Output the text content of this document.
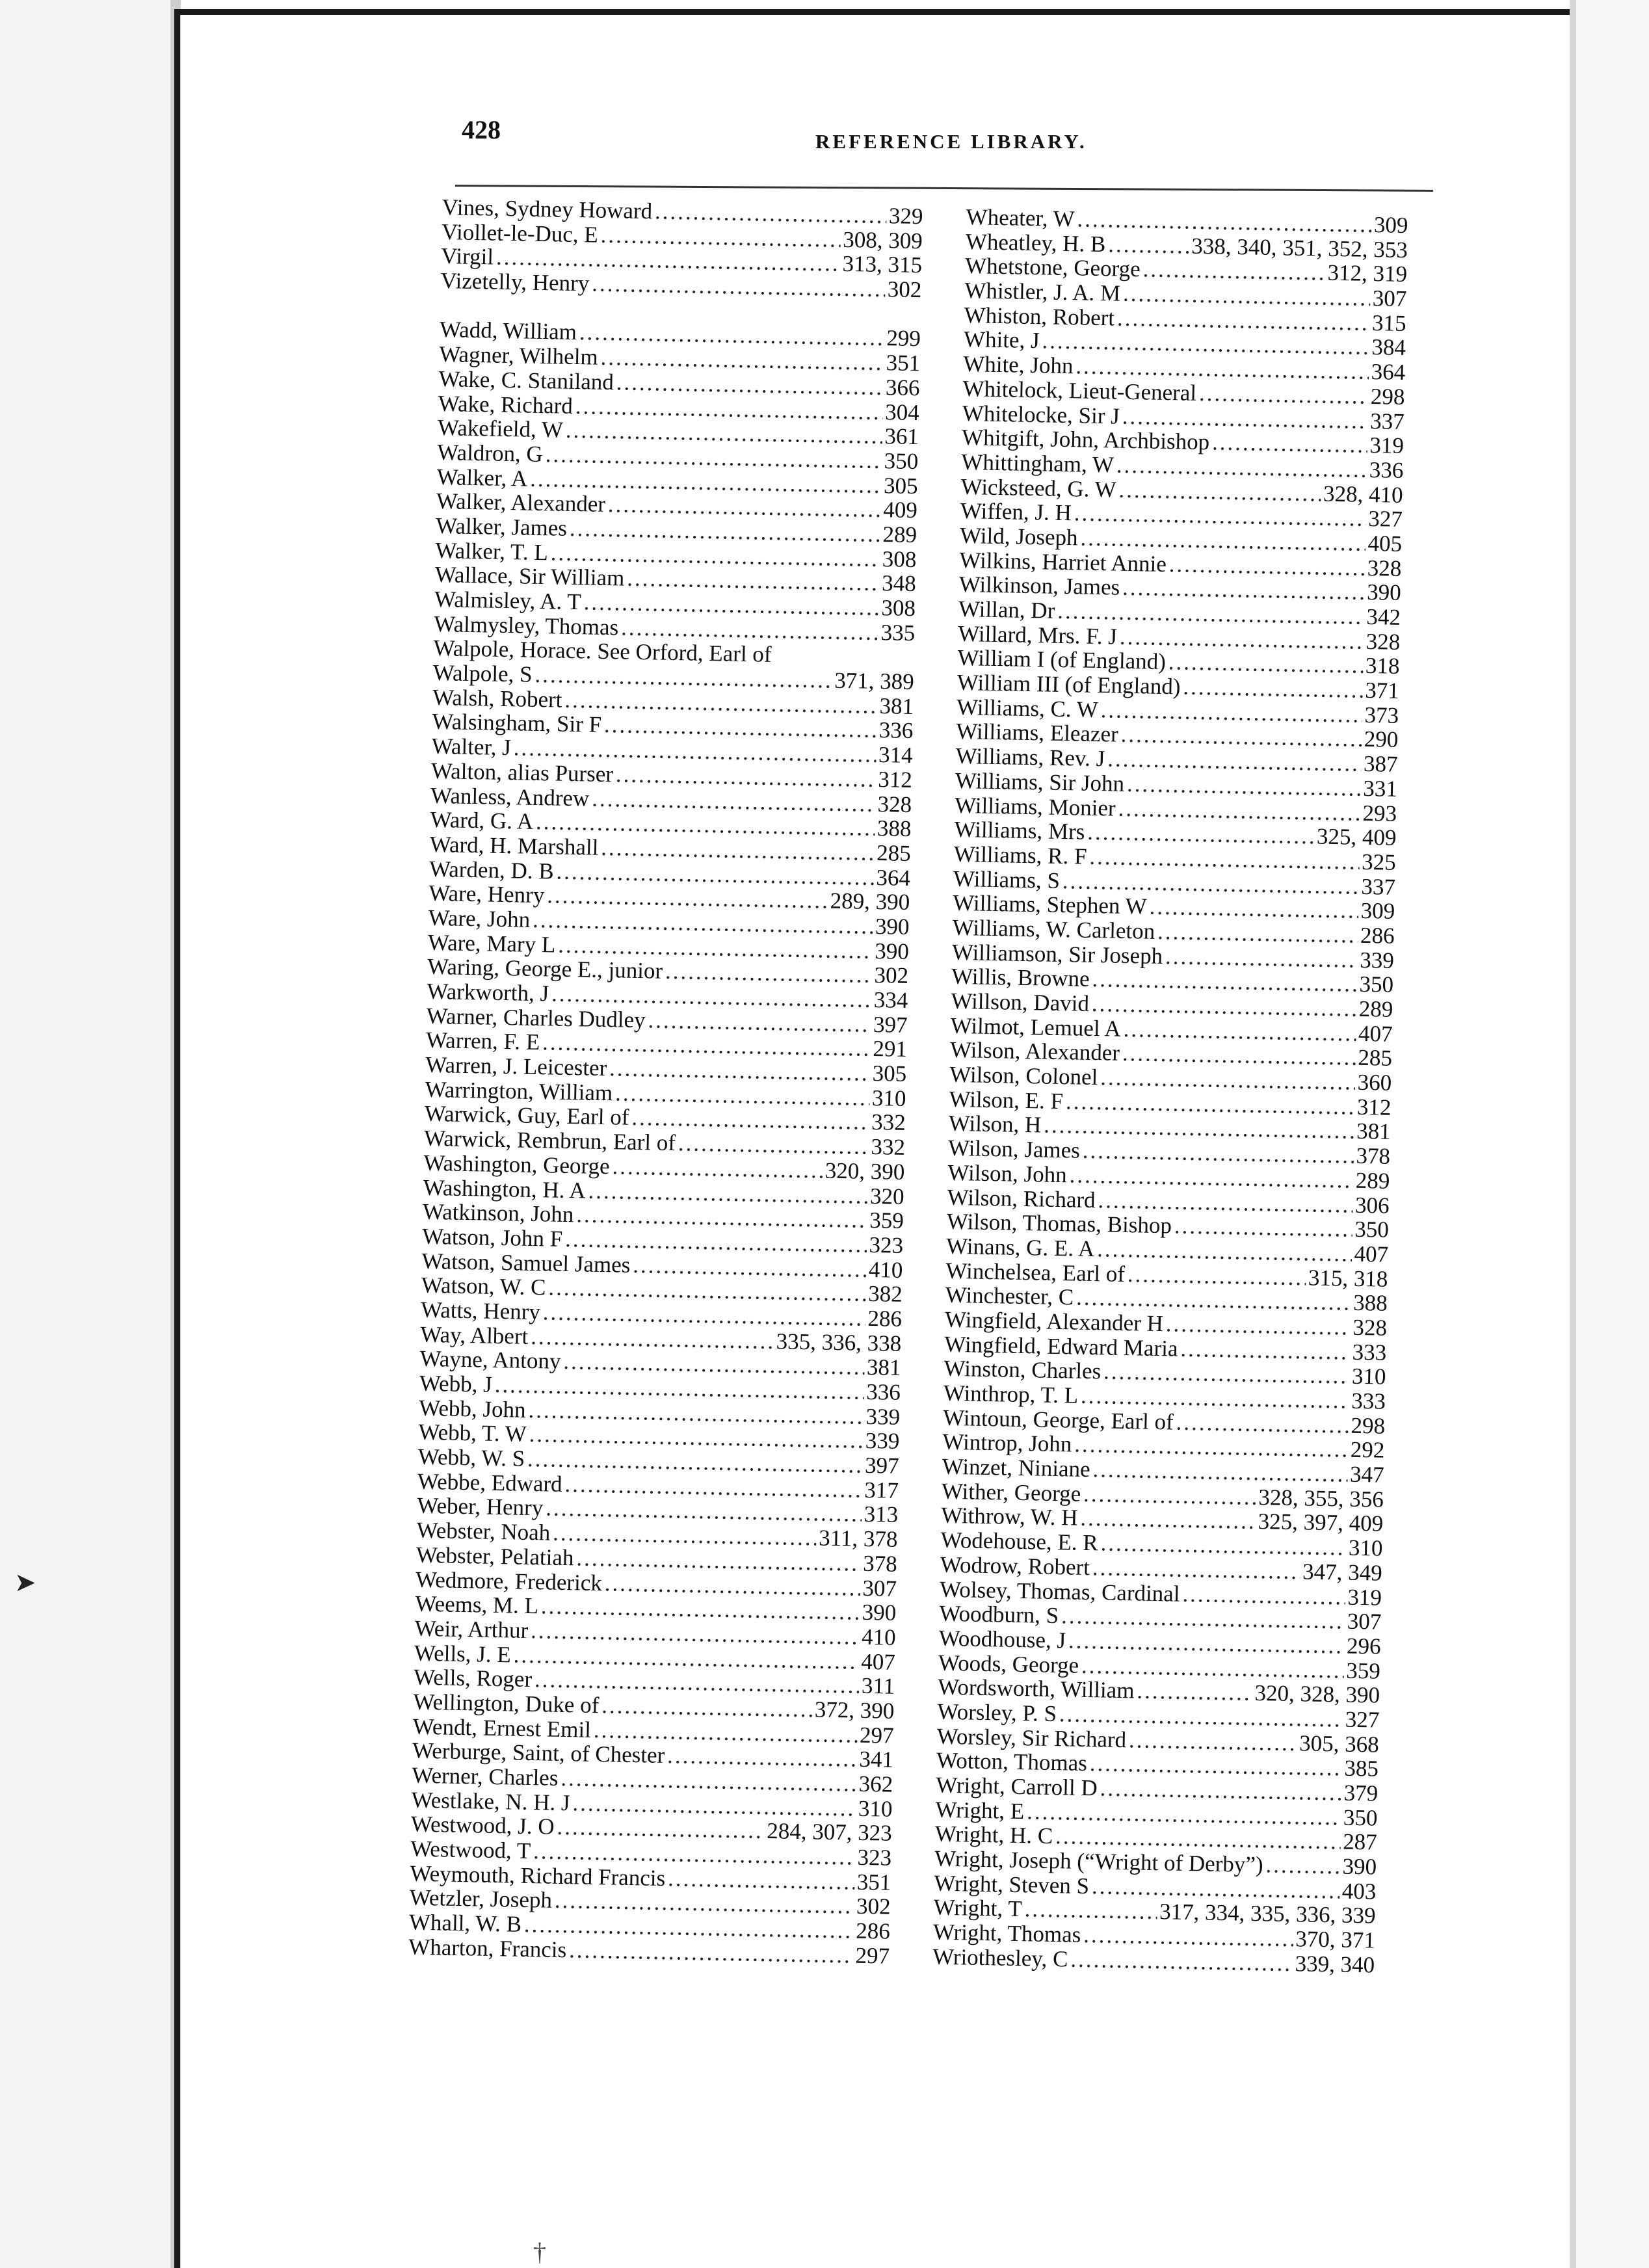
➤
†
428	REFERENCE LIBRARY.
Vines, Sydney Howard .....	329
Viollet-le-Duc, E .....	308, 309
Virgil .....	313, 315
Vizetelly, Henry .....	302
Wadd, William .....	299
Wagner, Wilhelm .....	351
Wake, C. Staniland .....	366
Wake, Richard .....	304
Wakefield, W .....	361
Waldron, G .....	350
Walker, A .....	305
Walker, Alexander .....	409
Walker, James .....	289
Walker, T. L .....	308
Wallace, Sir William .....	348
Walmisley, A. T .....	308
Walmysley, Thomas .....	335
Walpole, Horace. See Orford, Earl of
Walpole, S .....	371, 389
Walsh, Robert .....	381
Walsingham, Sir F .....	336
Walter, J .....	314
Walton, alias Purser .....	312
Wanless, Andrew .....	328
Ward, G. A .....	388
Ward, H. Marshall .....	285
Warden, D. B .....	364
Ware, Henry .....	289, 390
Ware, John .....	390
Ware, Mary L .....	390
Waring, George E., junior .....	302
Warkworth, J .....	334
Warner, Charles Dudley .....	397
Warren, F. E .....	291
Warren, J. Leicester .....	305
Warrington, William .....	310
Warwick, Guy, Earl of .....	332
Warwick, Rembrun, Earl of .....	332
Washington, George .....	320, 390
Washington, H. A .....	320
Watkinson, John .....	359
Watson, John F .....	323
Watson, Samuel James .....	410
Watson, W. C .....	382
Watts, Henry .....	286
Way, Albert .....	335, 336, 338
Wayne, Antony .....	381
Webb, J .....	336
Webb, John .....	339
Webb, T. W .....	339
Webb, W. S .....	397
Webbe, Edward .....	317
Weber, Henry .....	313
Webster, Noah .....	311, 378
Webster, Pelatiah .....	378
Wedmore, Frederick .....	307
Weems, M. L .....	390
Weir, Arthur .....	410
Wells, J. E .....	407
Wells, Roger .....	311
Wellington, Duke of .....	372, 390
Wendt, Ernest Emil .....	297
Werburge, Saint, of Chester .....	341
Werner, Charles .....	362
Westlake, N. H. J .....	310
Westwood, J. O .....	284, 307, 323
Westwood, T .....	323
Weymouth, Richard Francis .....	351
Wetzler, Joseph .....	302
Whall, W. B .....	286
Wharton, Francis .....	297
Wheater, W .....	309
Wheatley, H. B .....	338, 340, 351, 352, 353
Whetstone, George .....	312, 319
Whistler, J. A. M .....	307
Whiston, Robert .....	315
White, J .....	384
White, John .....	364
Whitelock, Lieut-General .....	298
Whitelocke, Sir J .....	337
Whitgift, John, Archbishop .....	319
Whittingham, W .....	336
Wicksteed, G. W .....	328, 410
Wiffen, J. H .....	327
Wild, Joseph .....	405
Wilkins, Harriet Annie .....	328
Wilkinson, James .....	390
Willan, Dr .....	342
Willard, Mrs. F. J .....	328
William I (of England) .....	318
William III (of England) .....	371
Williams, C. W .....	373
Williams, Eleazer .....	290
Williams, Rev. J .....	387
Williams, Sir John .....	331
Williams, Monier .....	293
Williams, Mrs .....	325, 409
Williams, R. F .....	325
Williams, S .....	337
Williams, Stephen W .....	309
Williams, W. Carleton .....	286
Williamson, Sir Joseph .....	339
Willis, Browne .....	350
Willson, David .....	289
Wilmot, Lemuel A .....	407
Wilson, Alexander .....	285
Wilson, Colonel .....	360
Wilson, E. F .....	312
Wilson, H .....	381
Wilson, James .....	378
Wilson, John .....	289
Wilson, Richard .....	306
Wilson, Thomas, Bishop .....	350
Winans, G. E. A .....	407
Winchelsea, Earl of .....	315, 318
Winchester, C .....	388
Wingfield, Alexander H .....	328
Wingfield, Edward Maria .....	333
Winston, Charles .....	310
Winthrop, T. L .....	333
Wintoun, George, Earl of .....	298
Wintrop, John .....	292
Winzet, Niniane .....	347
Wither, George .....	328, 355, 356
Withrow, W. H .....	325, 397, 409
Wodehouse, E. R .....	310
Wodrow, Robert .....	347, 349
Wolsey, Thomas, Cardinal .....	319
Woodburn, S .....	307
Woodhouse, J .....	296
Woods, George .....	359
Wordsworth, William .....	320, 328, 390
Worsley, P. S .....	327
Worsley, Sir Richard .....	305, 368
Wotton, Thomas .....	385
Wright, Carroll D .....	379
Wright, E .....	350
Wright, H. C .....	287
Wright, Joseph (“Wright of Derby”) .....	390
Wright, Steven S .....	403
Wright, T .....	317, 334, 335, 336, 339
Wright, Thomas .....	370, 371
Wriothesley, C .....	339, 340
